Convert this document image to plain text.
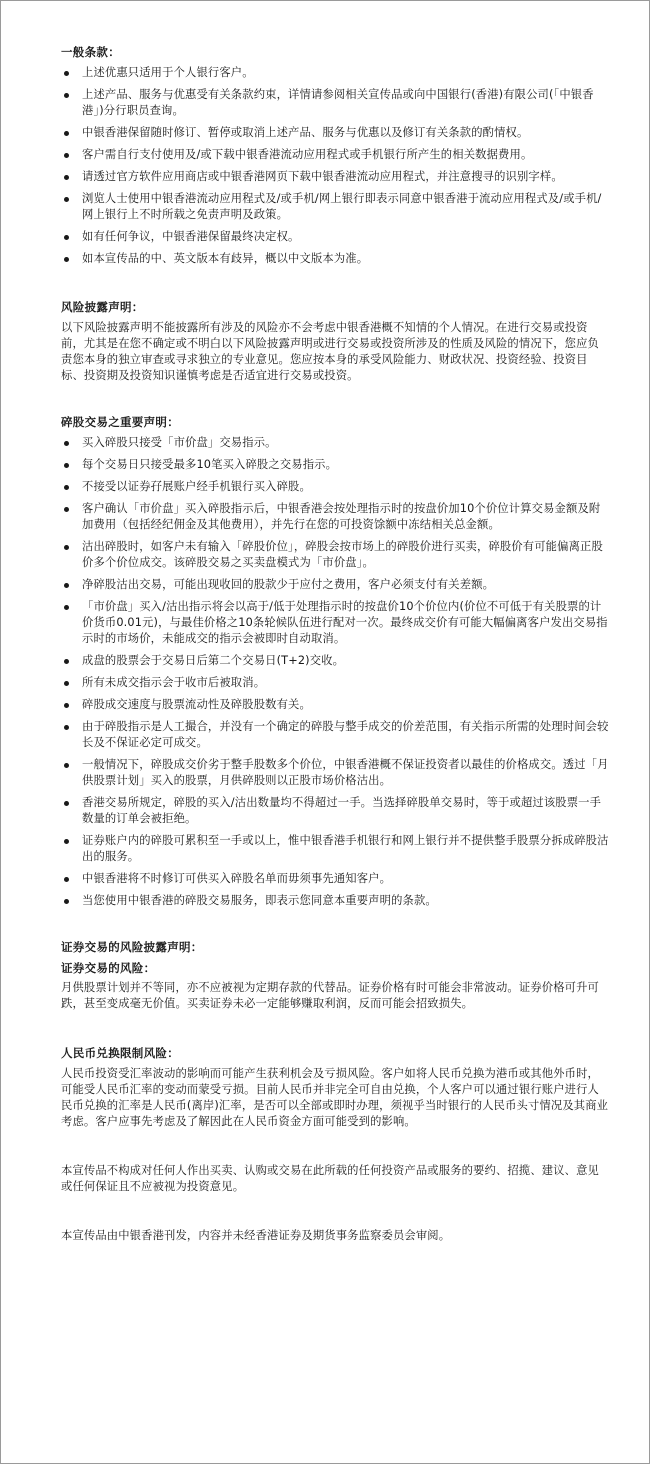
一般条款：
上述优惠只适用于个人银行客户。
上述产品、服务与优惠受有关条款约束，详情请参阅相关宣传品或向中国银行(香港)有限公司(「中银香港」)分行职员查询。
中银香港保留随时修订、暂停或取消上述产品、服务与优惠以及修订有关条款的酌情权。
客户需自行支付使用及/或下载中银香港流动应用程式或手机银行所产生的相关数据费用。
请透过官方软件应用商店或中银香港网页下载中银香港流动应用程式，并注意搜寻的识别字样。
浏览人士使用中银香港流动应用程式及/或手机/网上银行即表示同意中银香港于流动应用程式及/或手机/网上银行上不时所载之免责声明及政策。
如有任何争议，中银香港保留最终决定权。
如本宣传品的中、英文版本有歧异，概以中文版本为准。
风险披露声明：

以下风险披露声明不能披露所有涉及的风险亦不会考虑中银香港概不知情的个人情况。在进行交易或投资前，尤其是在您不确定或不明白以下风险披露声明或进行交易或投资所涉及的性质及风险的情况下，您应负责您本身的独立审查或寻求独立的专业意见。您应按本身的承受风险能力、财政状况、投资经验、投资目标、投资期及投资知识谨慎考虑是否适宜进行交易或投资。

碎股交易之重要声明：
买入碎股只接受「市价盘」交易指示。
每个交易日只接受最多10笔买入碎股之交易指示。
不接受以证券孖展账户经手机银行买入碎股。
客户确认「市价盘」买入碎股指示后，中银香港会按处理指示时的按盘价加10个价位计算交易金额及附加费用（包括经纪佣金及其他费用），并先行在您的可投资馀额中冻结相关总金额。
沽出碎股时，如客户未有输入「碎股价位」，碎股会按市场上的碎股价进行买卖，碎股价有可能偏离正股价多个价位成交。该碎股交易之买卖盘模式为「市价盘」。
净碎股沽出交易，可能出现收回的股款少于应付之费用，客户必须支付有关差额。
「市价盘」买入/沽出指示将会以高于/低于处理指示时的按盘价10个价位内(价位不可低于有关股票的计价货币0.01元)，与最佳价格之10条轮候队伍进行配对一次。最终成交价有可能大幅偏离客户发出交易指示时的市场价，未能成交的指示会被即时自动取消。
成盘的股票会于交易日后第二个交易日(T+2)交收。
所有未成交指示会于收市后被取消。
碎股成交速度与股票流动性及碎股股数有关。
由于碎股指示是人工撮合，并没有一个确定的碎股与整手成交的价差范围，有关指示所需的处理时间会较长及不保证必定可成交。
一般情况下，碎股成交价劣于整手股数多个价位，中银香港概不保证投资者以最佳的价格成交。透过「月供股票计划」买入的股票，月供碎股则以正股市场价格沽出。
香港交易所规定，碎股的买入/沽出数量均不得超过一手。当选择碎股单交易时，等于或超过该股票一手数量的订单会被拒绝。
证券账户内的碎股可累积至一手或以上，惟中银香港手机银行和网上银行并不提供整手股票分拆成碎股沽出的服务。
中银香港将不时修订可供买入碎股名单而毋须事先通知客户。
当您使用中银香港的碎股交易服务，即表示您同意本重要声明的条款。
证券交易的风险披露声明：
证券交易的风险：

月供股票计划并不等同，亦不应被视为定期存款的代替品。证券价格有时可能会非常波动。证券价格可升可跌，甚至变成毫无价值。买卖证券未必一定能够赚取利润，反而可能会招致损失。

人民币兑换限制风险：

人民币投资受汇率波动的影响而可能产生获利机会及亏损风险。客户如将人民币兑换为港币或其他外币时，可能受人民币汇率的变动而蒙受亏损。目前人民币并非完全可自由兑换，个人客户可以通过银行账户进行人民币兑换的汇率是人民币(离岸)汇率，是否可以全部或即时办理，须视乎当时银行的人民币头寸情况及其商业考虑。客户应事先考虑及了解因此在人民币资金方面可能受到的影响。

本宣传品不构成对任何人作出买卖、认购或交易在此所载的任何投资产品或服务的要约、招揽、建议、意见或任何保证且不应被视为投资意见。

本宣传品由中银香港刊发，内容并未经香港证券及期货事务监察委员会审阅。
